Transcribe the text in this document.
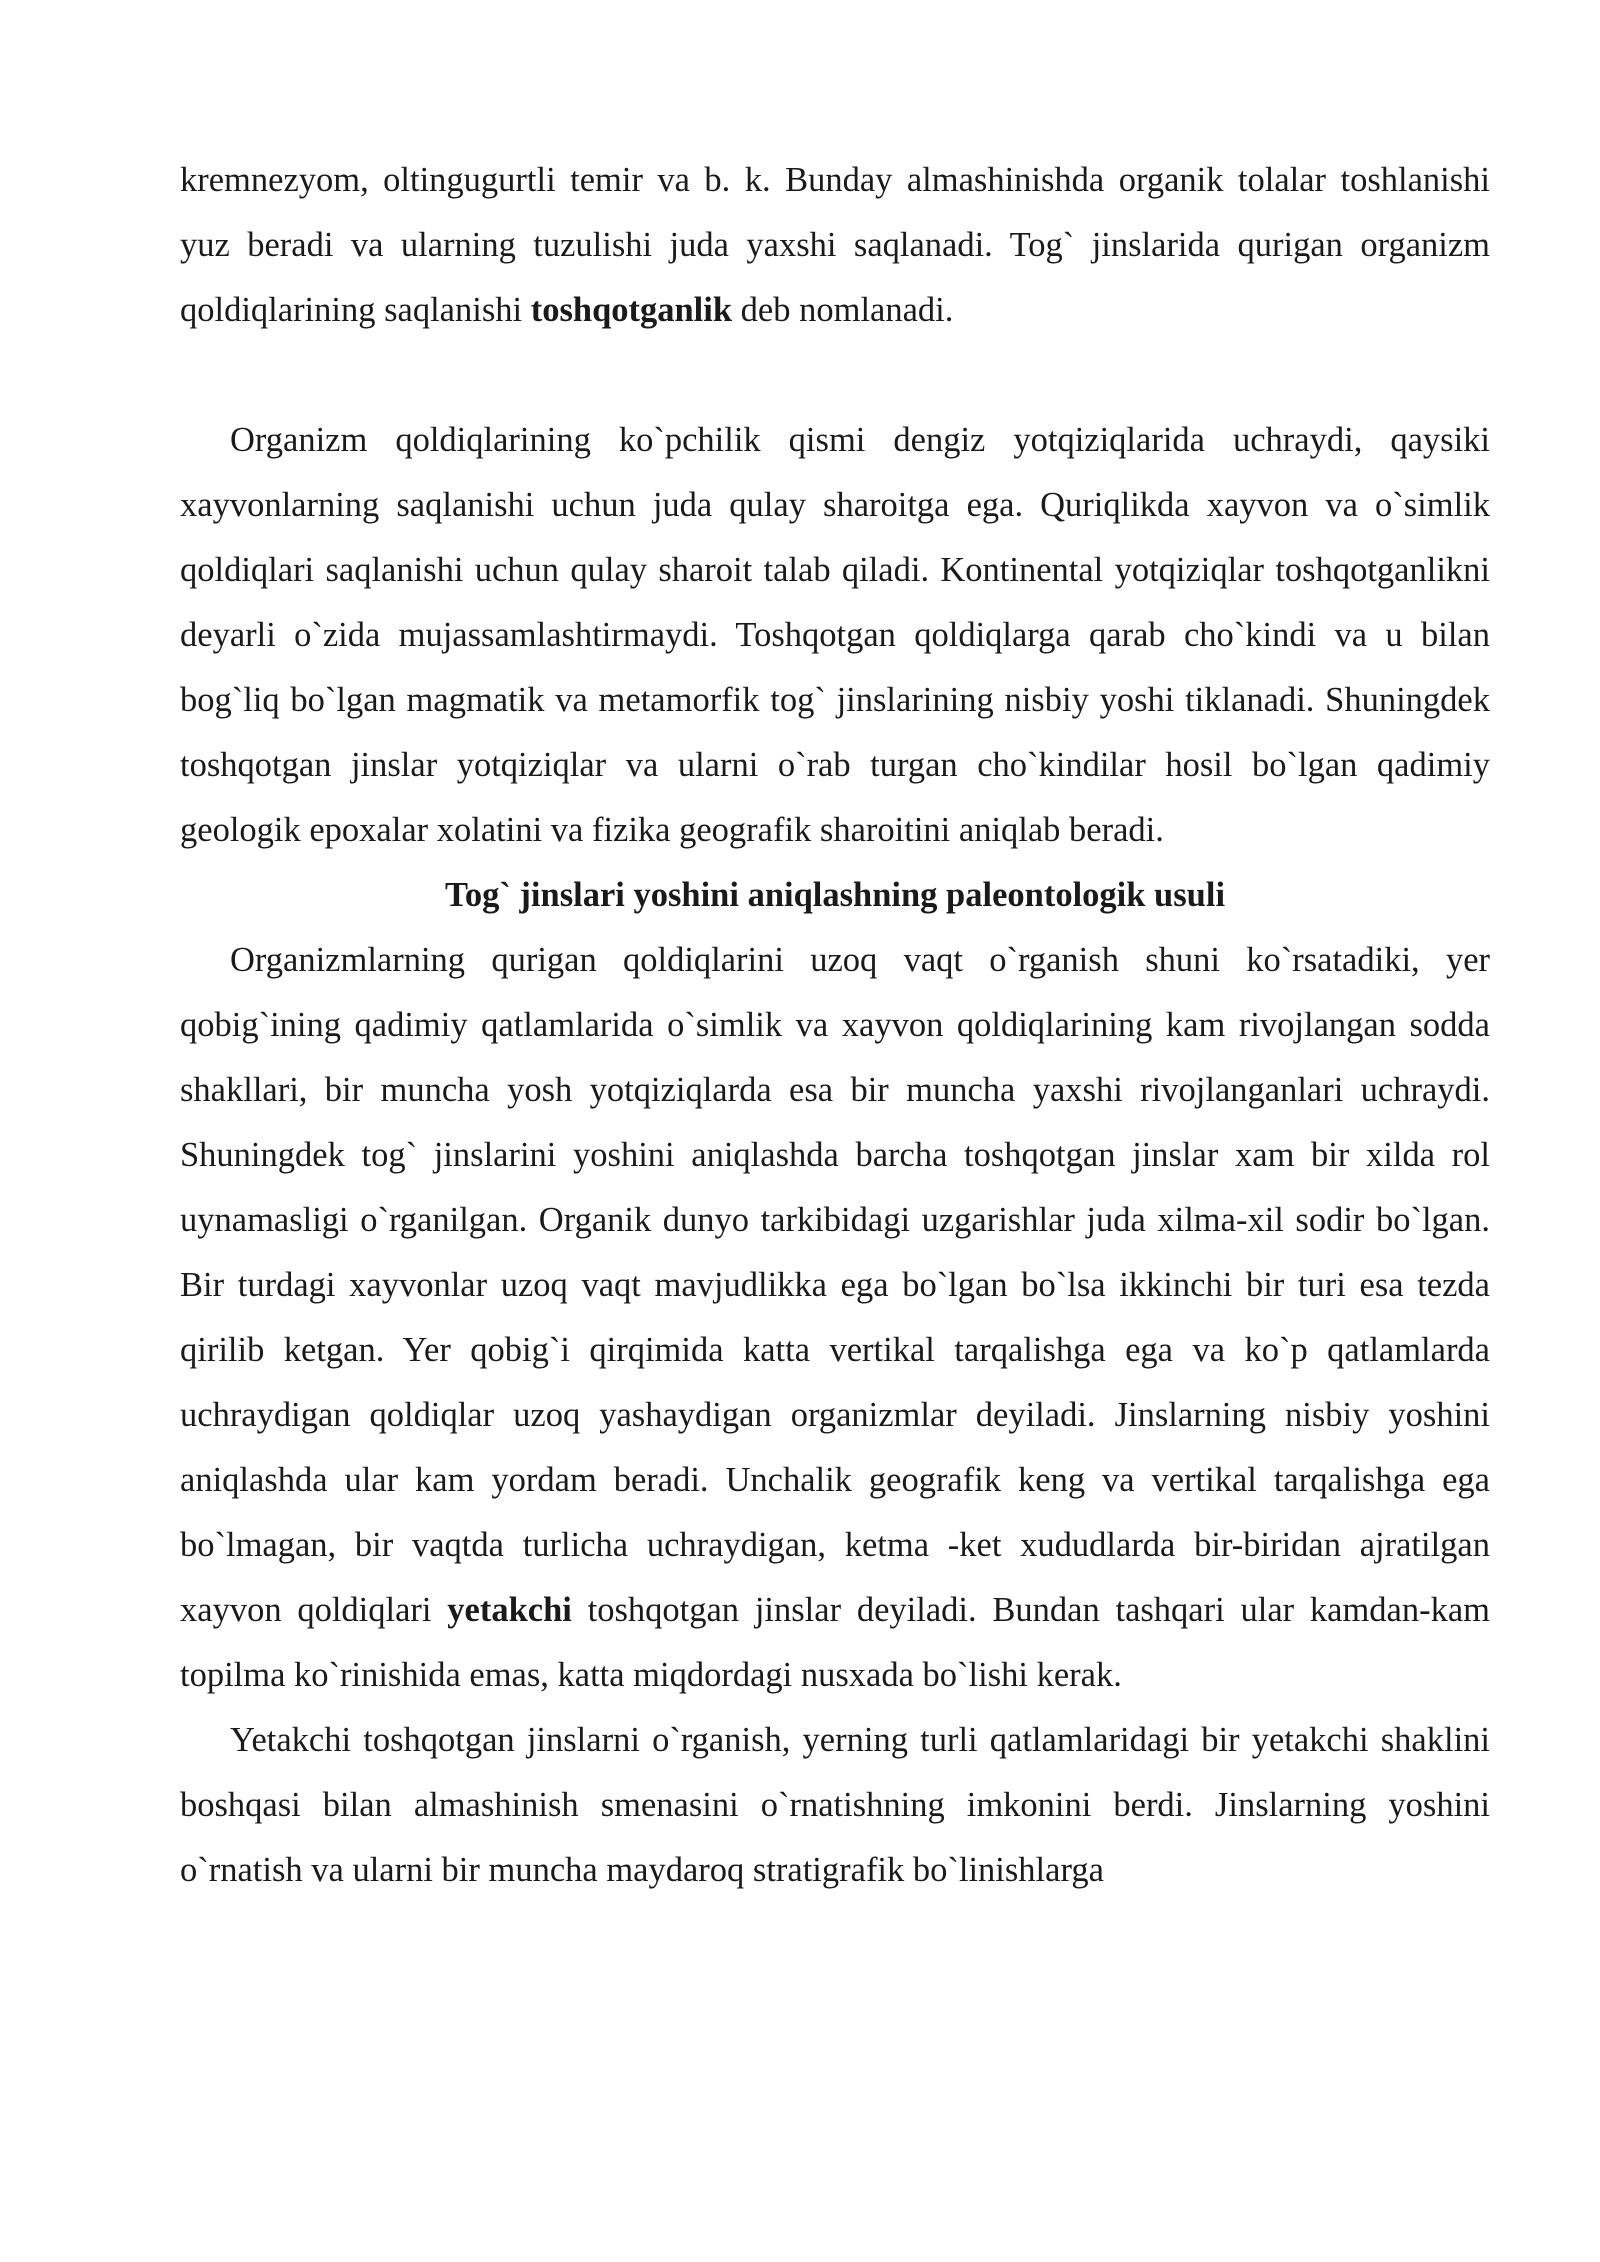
kremnezyom, oltingugurtli temir va b. k. Bunday almashinishda organik tolalar toshlanishi yuz beradi va ularning tuzulishi juda yaxshi saqlanadi. Tog` jinslarida qurigan organizm qoldiqlarining saqlanishi toshqotganlik deb nomlanadi.

Organizm qoldiqlarining ko`pchilik qismi dengiz yotqiziqlarida uchraydi, qaysiki xayvonlarning saqlanishi uchun juda qulay sharoitga ega. Quriqlikda xayvon va o`simlik qoldiqlari saqlanishi uchun qulay sharoit talab qiladi. Kontinental yotqiziqlar toshqotganlikni deyarli o`zida mujassamlashtirmaydi. Toshqotgan qoldiqlarga qarab cho`kindi va u bilan bog`liq bo`lgan magmatik va metamorfik tog` jinslarining nisbiy yoshi tiklanadi. Shuningdek toshqotgan jinslar yotqiziqlar va ularni o`rab turgan cho`kindilar hosil bo`lgan qadimiy geologik epoxalar xolatini va fizika geografik sharoitini aniqlab beradi.

Tog` jinslari yoshini aniqlashning paleontologik usuli

Organizmlarning qurigan qoldiqlarini uzoq vaqt o`rganish shuni ko`rsatadiki, yer qobig`ining qadimiy qatlamlarida o`simlik va xayvon qoldiqlarining kam rivojlangan sodda shakllari, bir muncha yosh yotqiziqlarda esa bir muncha yaxshi rivojlanganlari uchraydi. Shuningdek tog` jinslarini yoshini aniqlashda barcha toshqotgan jinslar xam bir xilda rol uynamasligi o`rganilgan. Organik dunyo tarkibidagi uzgarishlar juda xilma-xil sodir bo`lgan. Bir turdagi xayvonlar uzoq vaqt mavjudlikka ega bo`lgan bo`lsa ikkinchi bir turi esa tezda qirilib ketgan. Yer qobig`i qirqimida katta vertikal tarqalishga ega va ko`p qatlamlarda uchraydigan qoldiqlar uzoq yashaydigan organizmlar deyiladi. Jinslarning nisbiy yoshini aniqlashda ular kam yordam beradi. Unchalik geografik keng va vertikal tarqalishga ega bo`lmagan, bir vaqtda turlicha uchraydigan, ketma -ket xududlarda bir-biridan ajratilgan xayvon qoldiqlari yetakchi toshqotgan jinslar deyiladi. Bundan tashqari ular kamdan-kam topilma ko`rinishida emas, katta miqdordagi nusxada bo`lishi kerak.

Yetakchi toshqotgan jinslarni o`rganish, yerning turli qatlamlaridagi bir yetakchi shaklini boshqasi bilan almashinish smenasini o`rnatishning imkonini berdi. Jinslarning yoshini o`rnatish va ularni bir muncha maydaroq stratigrafik bo`linishlarga
